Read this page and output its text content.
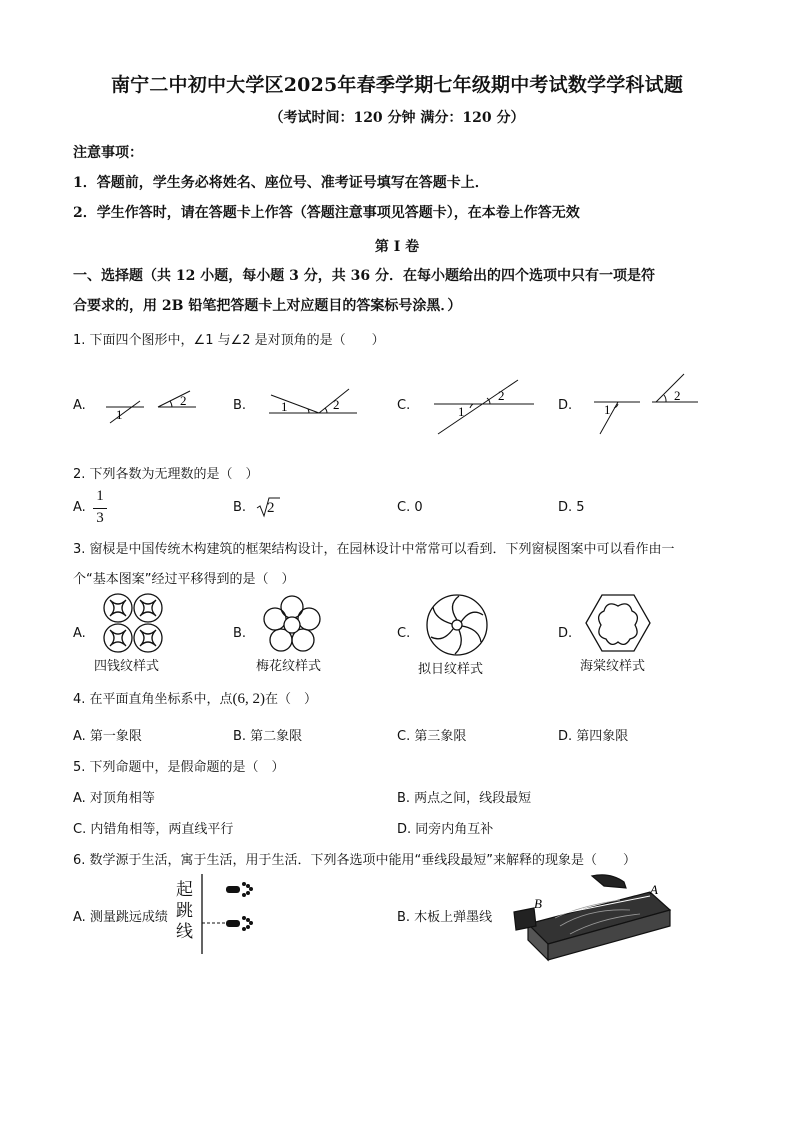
南宁二中初中大学区2025年春季学期七年级期中考试数学学科试题
（考试时间：120 分钟 满分：120 分）
注意事项：
1．答题前，学生务必将姓名、座位号、准考证号填写在答题卡上．
2．学生作答时，请在答题卡上作答（答题注意事项见答题卡），在本卷上作答无效
第 I 卷
一、选择题（共 12 小题，每小题 3 分，共 36 分．在每小题给出的四个选项中只有一项是符
合要求的，用 2B 铅笔把答题卡上对应题目的答案标号涂黑．）
1. 下面四个图形中，∠1 与∠2 是对顶角的是（　　）
A.
1
2	B.	1	2	C.	1
2
D. 1
2
2. 下列各数为无理数的是（　）
A.
1
3
B. 2	C. 0	D. 5
3. 窗棂是中国传统木构建筑的框架结构设计，在园林设计中常常可以看到．下列窗棂图案中可以看作由一
个“基本图案”经过平移得到的是（　）
A.
四钱纹样式
B.
梅花纹样式
C.
拟日纹样式
D.
海棠纹样式
4. 在平面直角坐标系中，点(6, 2)在（　）
A. 第一象限	B. 第二象限	C. 第三象限	D. 第四象限
5. 下列命题中，是假命题的是（　）
A. 对顶角相等	B. 两点之间，线段最短
C. 内错角相等，两直线平行	D. 同旁内角互补
6. 数学源于生活，寓于生活，用于生活．下列各选项中能用“垂线段最短”来解释的现象是（　　）
A. 测量跳远成绩
起
跳
线
B. 木板上弹墨线
B
A
